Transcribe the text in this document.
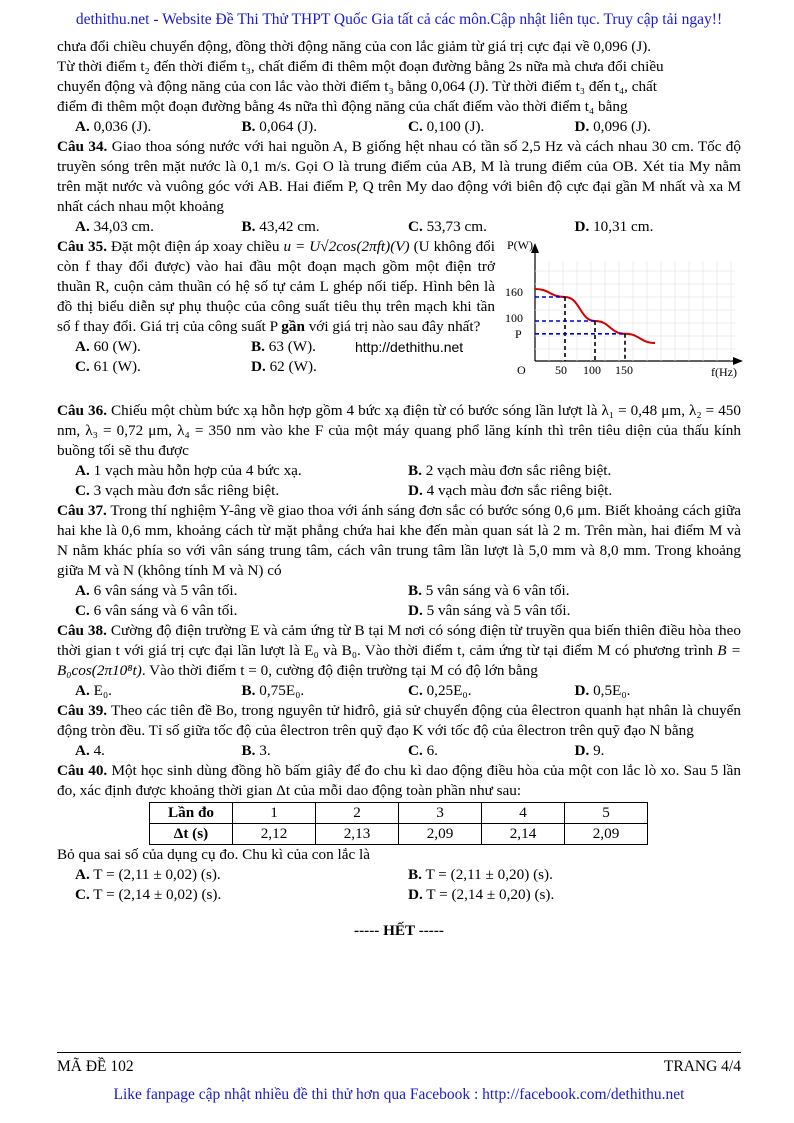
dethithu.net - Website Đề Thi Thử THPT Quốc Gia tất cả các môn.Cập nhật liên tục. Truy cập tải ngay!!

chưa đổi chiều chuyển động, đồng thời động năng của con lắc giảm từ giá trị cực đại về 0,096 (J).

Từ thời điểm t₂ đến thời điểm t₃, chất điểm đi thêm một đoạn đường bằng 2s nữa mà chưa đổi chiều

chuyển động và động năng của con lắc vào thời điểm t₃ bằng 0,064 (J). Từ thời điểm t₃ đến t₄, chất

điểm đi thêm một đoạn đường bằng 4s nữa thì động năng của chất điểm vào thời điểm t₄ bằng

A. 0,036 (J).	B. 0,064 (J).	C. 0,100 (J).	D. 0,096 (J).

Câu 34. Giao thoa sóng nước với hai nguồn A, B giống hệt nhau có tần số 2,5 Hz và cách nhau 30 cm. Tốc độ truyền sóng trên mặt nước là 0,1 m/s. Gọi O là trung điểm của AB, M là trung điểm của OB. Xét tia My nằm trên mặt nước và vuông góc với AB. Hai điểm P, Q trên My dao động với biên độ cực đại gần M nhất và xa M nhất cách nhau một khoảng

A. 34,03 cm.	B. 43,42 cm.	C. 53,73 cm.	D. 10,31 cm.

Câu 35. Đặt một điện áp xoay chiều u = U√2cos(2πft)(V) (U không đổi còn f thay đổi được) vào hai đầu một đoạn mạch gồm một điện trở thuần R, cuộn cảm thuần có hệ số tự cảm L ghép nối tiếp. Hình bên là đồ thị biểu diễn sự phụ thuộc của công suất tiêu thụ trên mạch khi tần số f thay đổi. Giá trị của công suất P gần với giá trị nào sau đây nhất?

A. 60 (W).	B. 63 (W).	http://dethithu.net
C. 61 (W).	D. 62 (W).
P(W)
f(Hz)
O 50 100 150
160
100
P

Câu 36. Chiếu một chùm bức xạ hỗn hợp gồm 4 bức xạ điện từ có bước sóng lần lượt là λ₁ = 0,48 μm, λ₂ = 450 nm, λ₃ = 0,72 μm, λ₄ = 350 nm vào khe F của một máy quang phổ lăng kính thì trên tiêu diện của thấu kính buồng tối sẽ thu được

A. 1 vạch màu hỗn hợp của 4 bức xạ.	B. 2 vạch màu đơn sắc riêng biệt.
C. 3 vạch màu đơn sắc riêng biệt.	D. 4 vạch màu đơn sắc riêng biệt.

Câu 37. Trong thí nghiệm Y-âng về giao thoa với ánh sáng đơn sắc có bước sóng 0,6 μm. Biết khoảng cách giữa hai khe là 0,6 mm, khoảng cách từ mặt phẳng chứa hai khe đến màn quan sát là 2 m. Trên màn, hai điểm M và N nằm khác phía so với vân sáng trung tâm, cách vân trung tâm lần lượt là 5,0 mm và 8,0 mm. Trong khoảng giữa M và N (không tính M và N) có

A. 6 vân sáng và 5 vân tối.	B. 5 vân sáng và 6 vân tối.
C. 6 vân sáng và 6 vân tối.	D. 5 vân sáng và 5 vân tối.

Câu 38. Cường độ điện trường E và cảm ứng từ B tại M nơi có sóng điện từ truyền qua biến thiên điều hòa theo thời gian t với giá trị cực đại lần lượt là E₀ và B₀. Vào thời điểm t, cảm ứng từ tại điểm M có phương trình B = B₀cos(2π10⁸t). Vào thời điểm t = 0, cường độ điện trường tại M có độ lớn bằng

A. E₀.	B. 0,75E₀.	C. 0,25E₀.	D. 0,5E₀.

Câu 39. Theo các tiên đề Bo, trong nguyên tử hiđrô, giả sử chuyển động của êlectron quanh hạt nhân là chuyển động tròn đều. Tỉ số giữa tốc độ của êlectron trên quỹ đạo K với tốc độ của êlectron trên quỹ đạo N bằng

A. 4.	B. 3.	C. 6.	D. 9.

Câu 40. Một học sinh dùng đồng hồ bấm giây để đo chu kì dao động điều hòa của một con lắc lò xo. Sau 5 lần đo, xác định được khoảng thời gian Δt của mỗi dao động toàn phần như sau:

Lần đo	1	2	3	4	5
Δt (s)	2,12	2,13	2,09	2,14	2,09

Bỏ qua sai số của dụng cụ đo. Chu kì của con lắc là

A. T = (2,11 ± 0,02) (s).	B. T = (2,11 ± 0,20) (s).
C. T = (2,14 ± 0,02) (s).	D. T = (2,14 ± 0,20) (s).

----- HẾT -----

MÃ ĐỀ 102	TRANG 4/4
Like fanpage cập nhật nhiều đề thi thử hơn qua Facebook : http://facebook.com/dethithu.net
